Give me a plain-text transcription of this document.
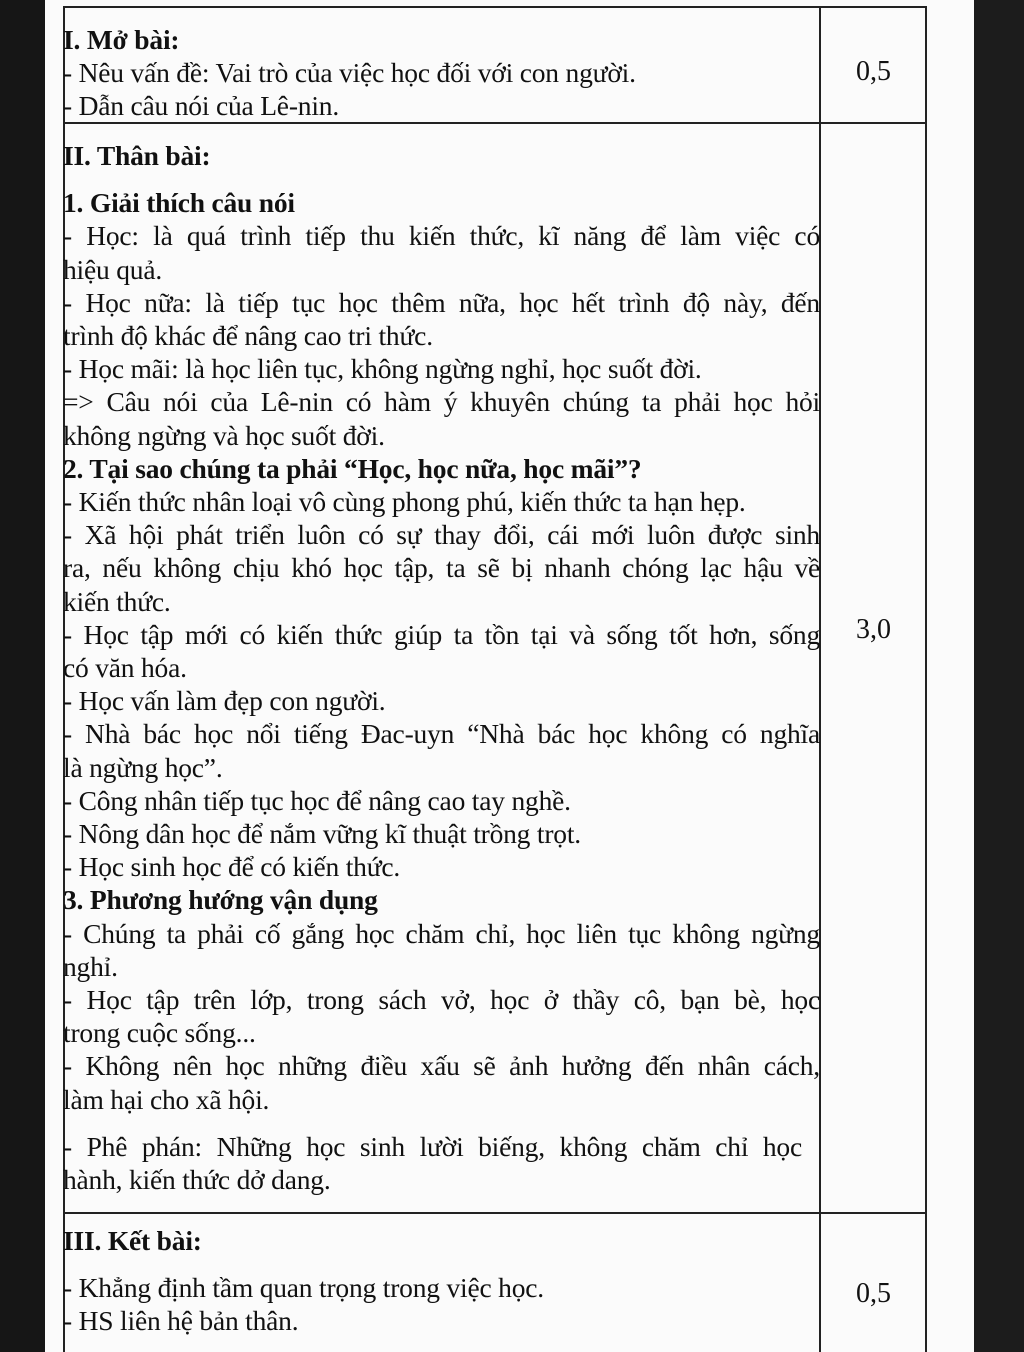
I. Mở bài:

- Nêu vấn đề: Vai trò của việc học đối với con người.

- Dẫn câu nói của Lê-nin.

0,5

II. Thân bài:

1. Giải thích câu nói

- Học: là quá trình tiếp thu kiến thức, kĩ năng để làm việc có

hiệu quả.

- Học nữa: là tiếp tục học thêm nữa, học hết trình độ này, đến

trình độ khác để nâng cao tri thức.

- Học mãi: là học liên tục, không ngừng nghỉ, học suốt đời.

=> Câu nói của Lê-nin có hàm ý khuyên chúng ta phải học hỏi

không ngừng và học suốt đời.

2. Tại sao chúng ta phải “Học, học nữa, học mãi”?

- Kiến thức nhân loại vô cùng phong phú, kiến thức ta hạn hẹp.

- Xã hội phát triển luôn có sự thay đổi, cái mới luôn được sinh

ra, nếu không chịu khó học tập, ta sẽ bị nhanh chóng lạc hậu về

kiến thức.

- Học tập mới có kiến thức giúp ta tồn tại và sống tốt hơn, sống

có văn hóa.

- Học vấn làm đẹp con người.

- Nhà bác học nổi tiếng Đac-uyn “Nhà bác học không có nghĩa

là ngừng học”.

- Công nhân tiếp tục học để nâng cao tay nghề.

- Nông dân học để nắm vững kĩ thuật trồng trọt.

- Học sinh học để có kiến thức.

3. Phương hướng vận dụng

- Chúng ta phải cố gắng học chăm chỉ, học liên tục không ngừng

nghỉ.

- Học tập trên lớp, trong sách vở, học ở thầy cô, bạn bè, học

trong cuộc sống...

- Không nên học những điều xấu sẽ ảnh hưởng đến nhân cách,

làm hại cho xã hội.

- Phê phán: Những học sinh lười biếng, không chăm chỉ học

hành, kiến thức dở dang.

3,0

III. Kết bài:

- Khẳng định tầm quan trọng trong việc học.

- HS liên hệ bản thân.

0,5
